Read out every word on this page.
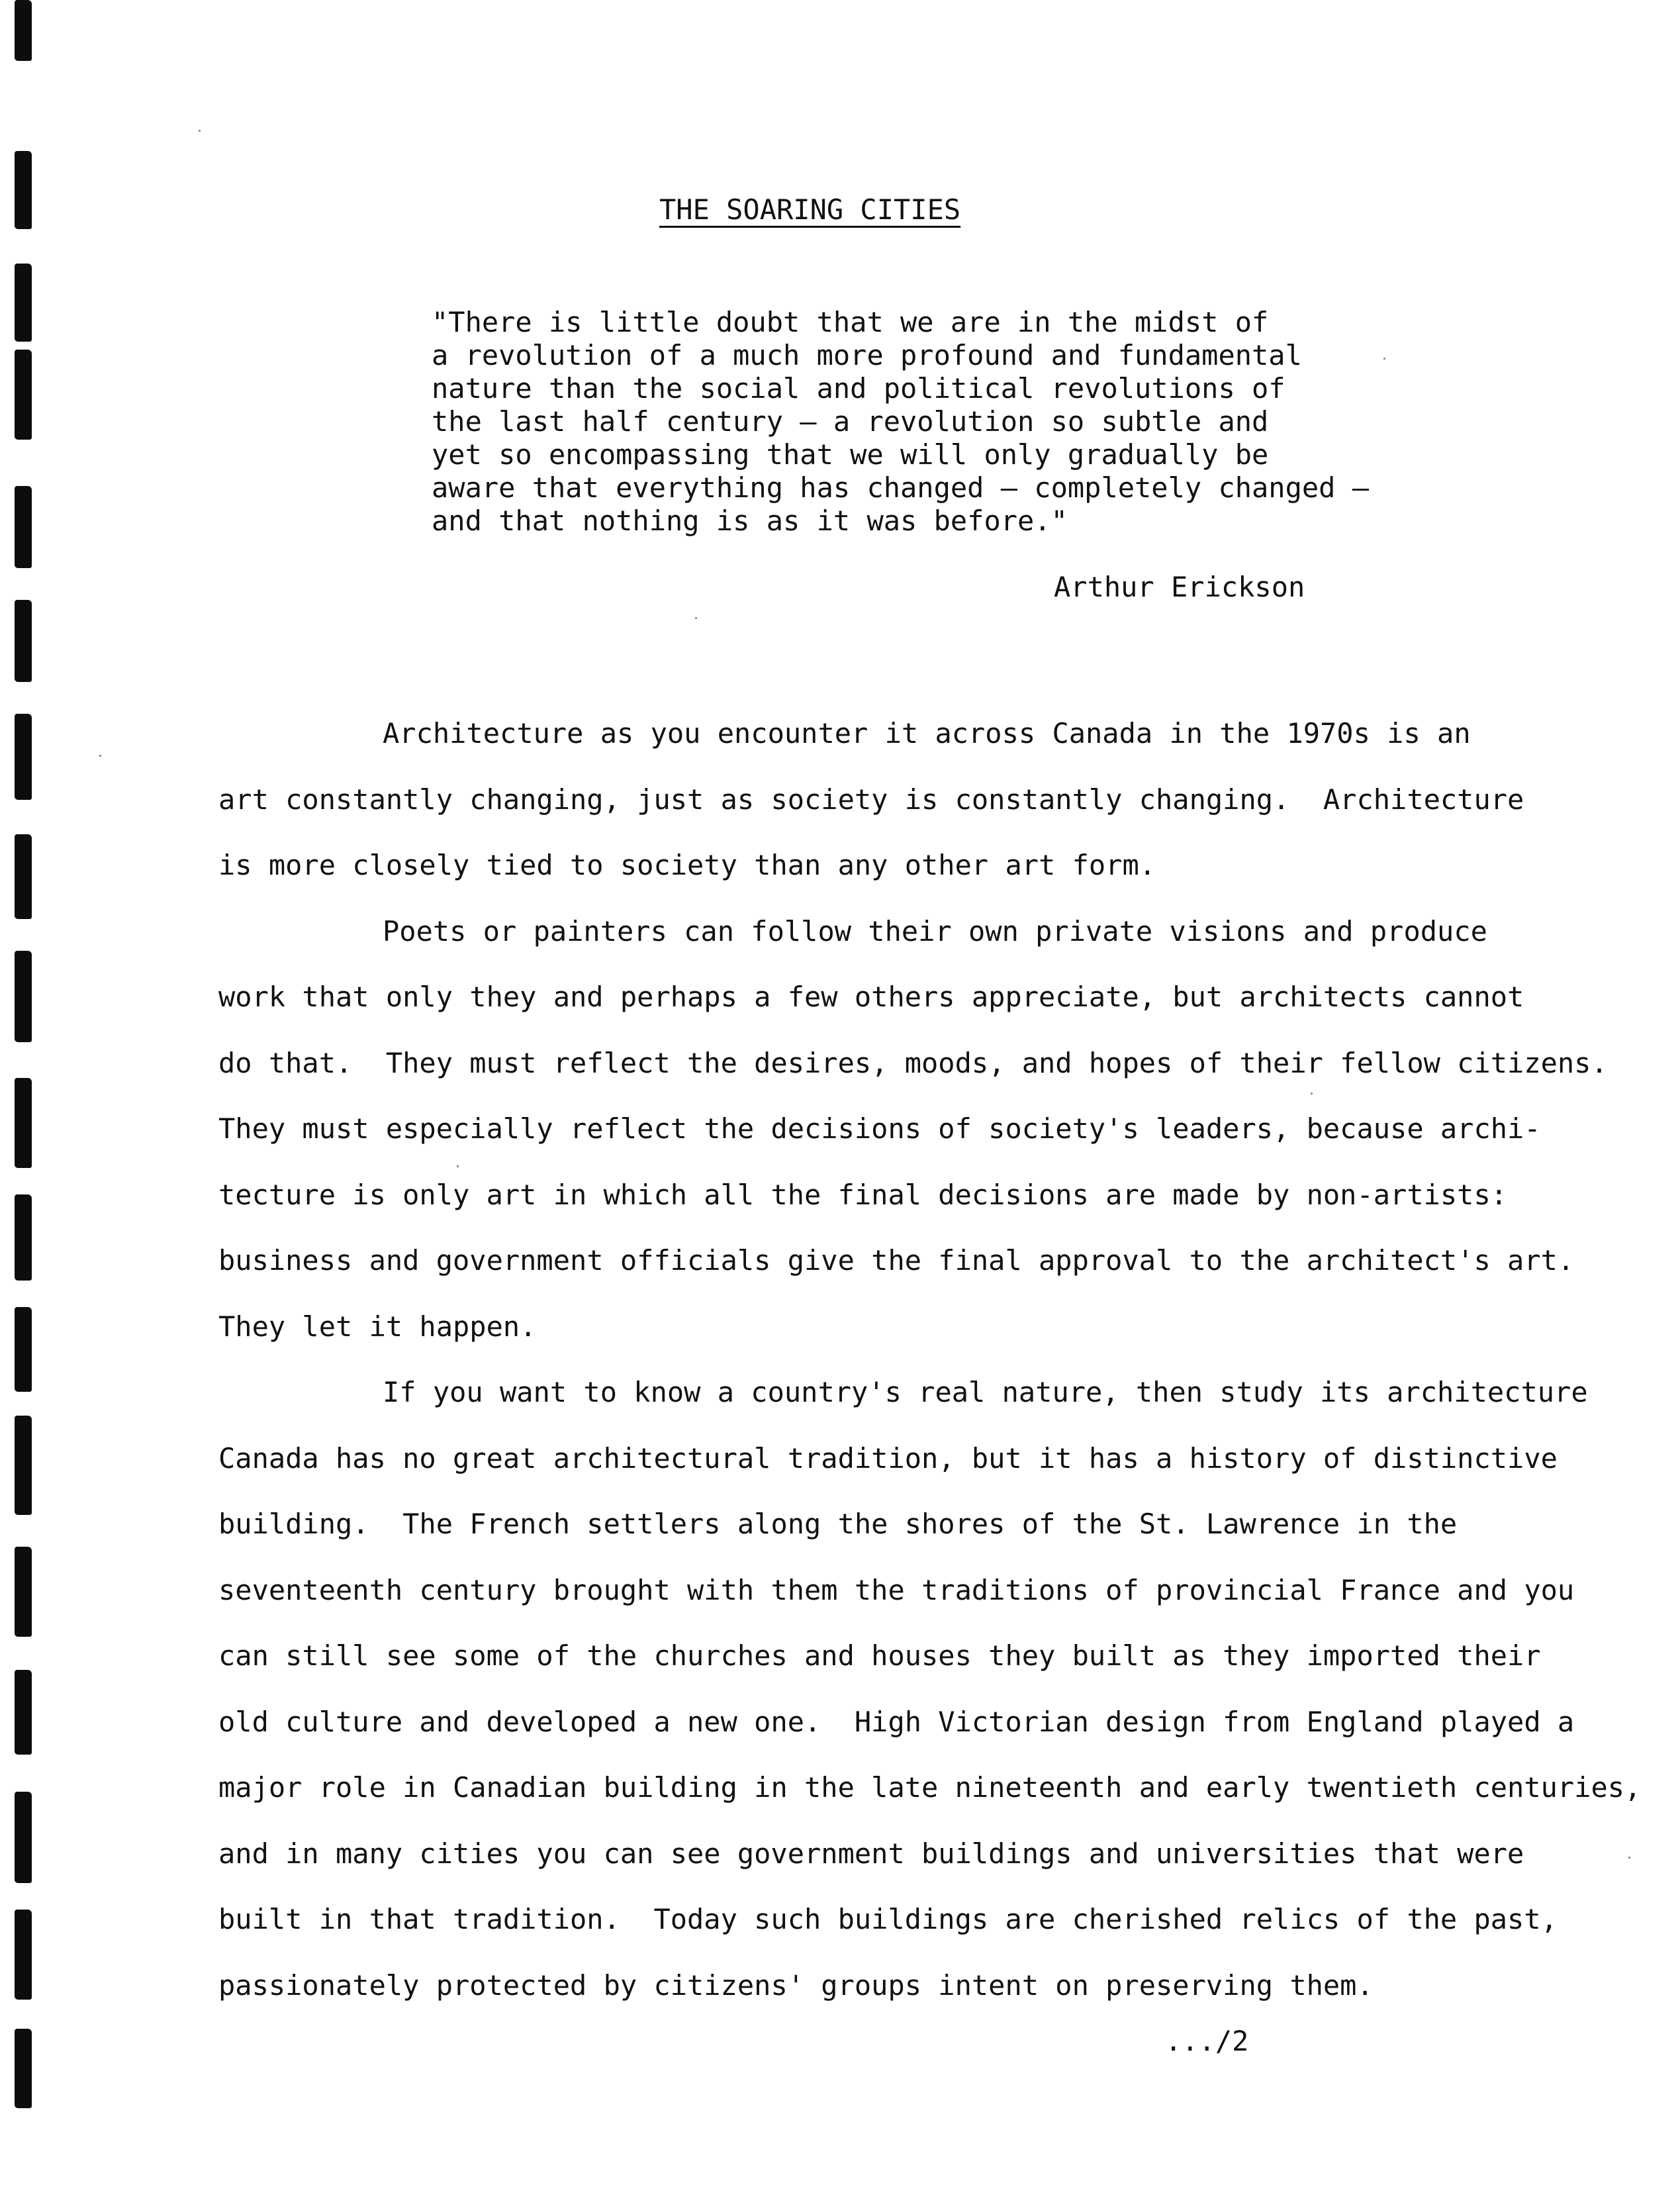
THE SOARING CITIES
"There is little doubt that we are in the midst of
a revolution of a much more profound and fundamental
nature than the social and political revolutions of
the last half century — a revolution so subtle and
yet so encompassing that we will only gradually be
aware that everything has changed — completely changed —
and that nothing is as it was before."
Arthur Erickson
Architecture as you encounter it across Canada in the 1970s is an
art constantly changing, just as society is constantly changing.  Architecture
is more closely tied to society than any other art form.
Poets or painters can follow their own private visions and produce
work that only they and perhaps a few others appreciate, but architects cannot
do that.  They must reflect the desires, moods, and hopes of their fellow citizens.
They must especially reflect the decisions of society's leaders, because archi-
tecture is only art in which all the final decisions are made by non-artists:
business and government officials give the final approval to the architect's art.
They let it happen.
If you want to know a country's real nature, then study its architecture
Canada has no great architectural tradition, but it has a history of distinctive
building.  The French settlers along the shores of the St. Lawrence in the
seventeenth century brought with them the traditions of provincial France and you
can still see some of the churches and houses they built as they imported their
old culture and developed a new one.  High Victorian design from England played a
major role in Canadian building in the late nineteenth and early twentieth centuries,
and in many cities you can see government buildings and universities that were
built in that tradition.  Today such buildings are cherished relics of the past,
passionately protected by citizens' groups intent on preserving them.
.../2
